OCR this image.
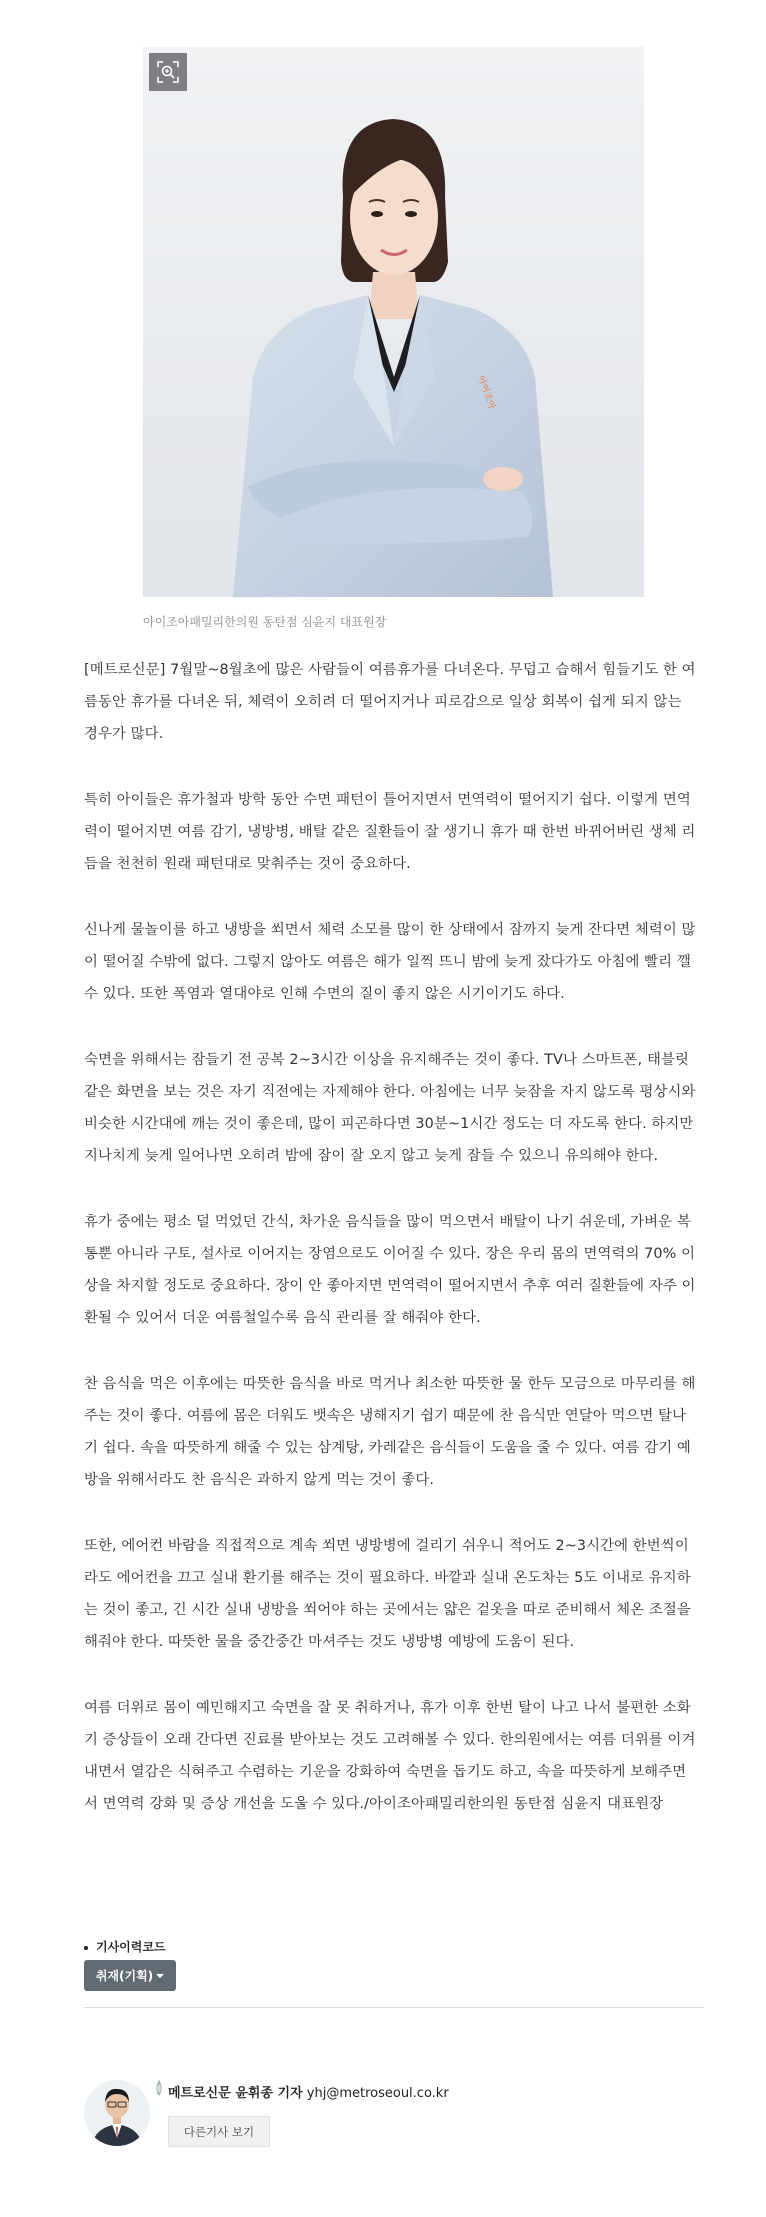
아이조아
아이조아패밀리한의원 동탄점 심윤지 대표원장

[메트로신문] 7월말~8월초에 많은 사람들이 여름휴가를 다녀온다. 무덥고 습해서 힘들기도 한 여름동안 휴가를 다녀온 뒤, 체력이 오히려 더 떨어지거나 피로감으로 일상 회복이 쉽게 되지 않는 경우가 많다.

특히 아이들은 휴가철과 방학 동안 수면 패턴이 틀어지면서 면역력이 떨어지기 쉽다. 이렇게 면역력이 떨어지면 여름 감기, 냉방병, 배탈 같은 질환들이 잘 생기니 휴가 때 한번 바뀌어버린 생체 리듬을 천천히 원래 패턴대로 맞춰주는 것이 중요하다.

신나게 물놀이를 하고 냉방을 쐬면서 체력 소모를 많이 한 상태에서 잠까지 늦게 잔다면 체력이 많이 떨어질 수밖에 없다. 그렇지 않아도 여름은 해가 일찍 뜨니 밤에 늦게 잤다가도 아침에 빨리 깰 수 있다. 또한 폭염과 열대야로 인해 수면의 질이 좋지 않은 시기이기도 하다.

숙면을 위해서는 잠들기 전 공복 2~3시간 이상을 유지해주는 것이 좋다. TV나 스마트폰, 태블릿같은 화면을 보는 것은 자기 직전에는 자제해야 한다. 아침에는 너무 늦잠을 자지 않도록 평상시와 비슷한 시간대에 깨는 것이 좋은데, 많이 피곤하다면 30분~1시간 정도는 더 자도록 한다. 하지만 지나치게 늦게 일어나면 오히려 밤에 잠이 잘 오지 않고 늦게 잠들 수 있으니 유의해야 한다.

휴가 중에는 평소 덜 먹었던 간식, 차가운 음식들을 많이 먹으면서 배탈이 나기 쉬운데, 가벼운 복통뿐 아니라 구토, 설사로 이어지는 장염으로도 이어질 수 있다. 장은 우리 몸의 면역력의 70% 이상을 차지할 정도로 중요하다. 장이 안 좋아지면 면역력이 떨어지면서 추후 여러 질환들에 자주 이환될 수 있어서 더운 여름철일수록 음식 관리를 잘 해줘야 한다.

찬 음식을 먹은 이후에는 따뜻한 음식을 바로 먹거나 최소한 따뜻한 물 한두 모금으로 마무리를 해주는 것이 좋다. 여름에 몸은 더워도 뱃속은 냉해지기 쉽기 때문에 찬 음식만 연달아 먹으면 탈나기 쉽다. 속을 따뜻하게 해줄 수 있는 삼계탕, 카레같은 음식들이 도움을 줄 수 있다. 여름 감기 예방을 위해서라도 찬 음식은 과하지 않게 먹는 것이 좋다.

또한, 에어컨 바람을 직접적으로 계속 쐬면 냉방병에 걸리기 쉬우니 적어도 2~3시간에 한번씩이라도 에어컨을 끄고 실내 환기를 해주는 것이 필요하다. 바깥과 실내 온도차는 5도 이내로 유지하는 것이 좋고, 긴 시간 실내 냉방을 쐬어야 하는 곳에서는 얇은 겉옷을 따로 준비해서 체온 조절을 해줘야 한다. 따뜻한 물을 중간중간 마셔주는 것도 냉방병 예방에 도움이 된다.

여름 더위로 몸이 예민해지고 숙면을 잘 못 취하거나, 휴가 이후 한번 탈이 나고 나서 불편한 소화기 증상들이 오래 간다면 진료를 받아보는 것도 고려해볼 수 있다. 한의원에서는 여름 더위를 이겨내면서 열감은 식혀주고 수렴하는 기운을 강화하여 숙면을 돕기도 하고, 속을 따뜻하게 보해주면서 면역력 강화 및 증상 개선을 도울 수 있다./아이조아패밀리한의원 동탄점 심윤지 대표원장

기사이력코드
취재(기획)
메트로신문 윤휘종 기자 yhj@metroseoul.co.kr
다른기사 보기
